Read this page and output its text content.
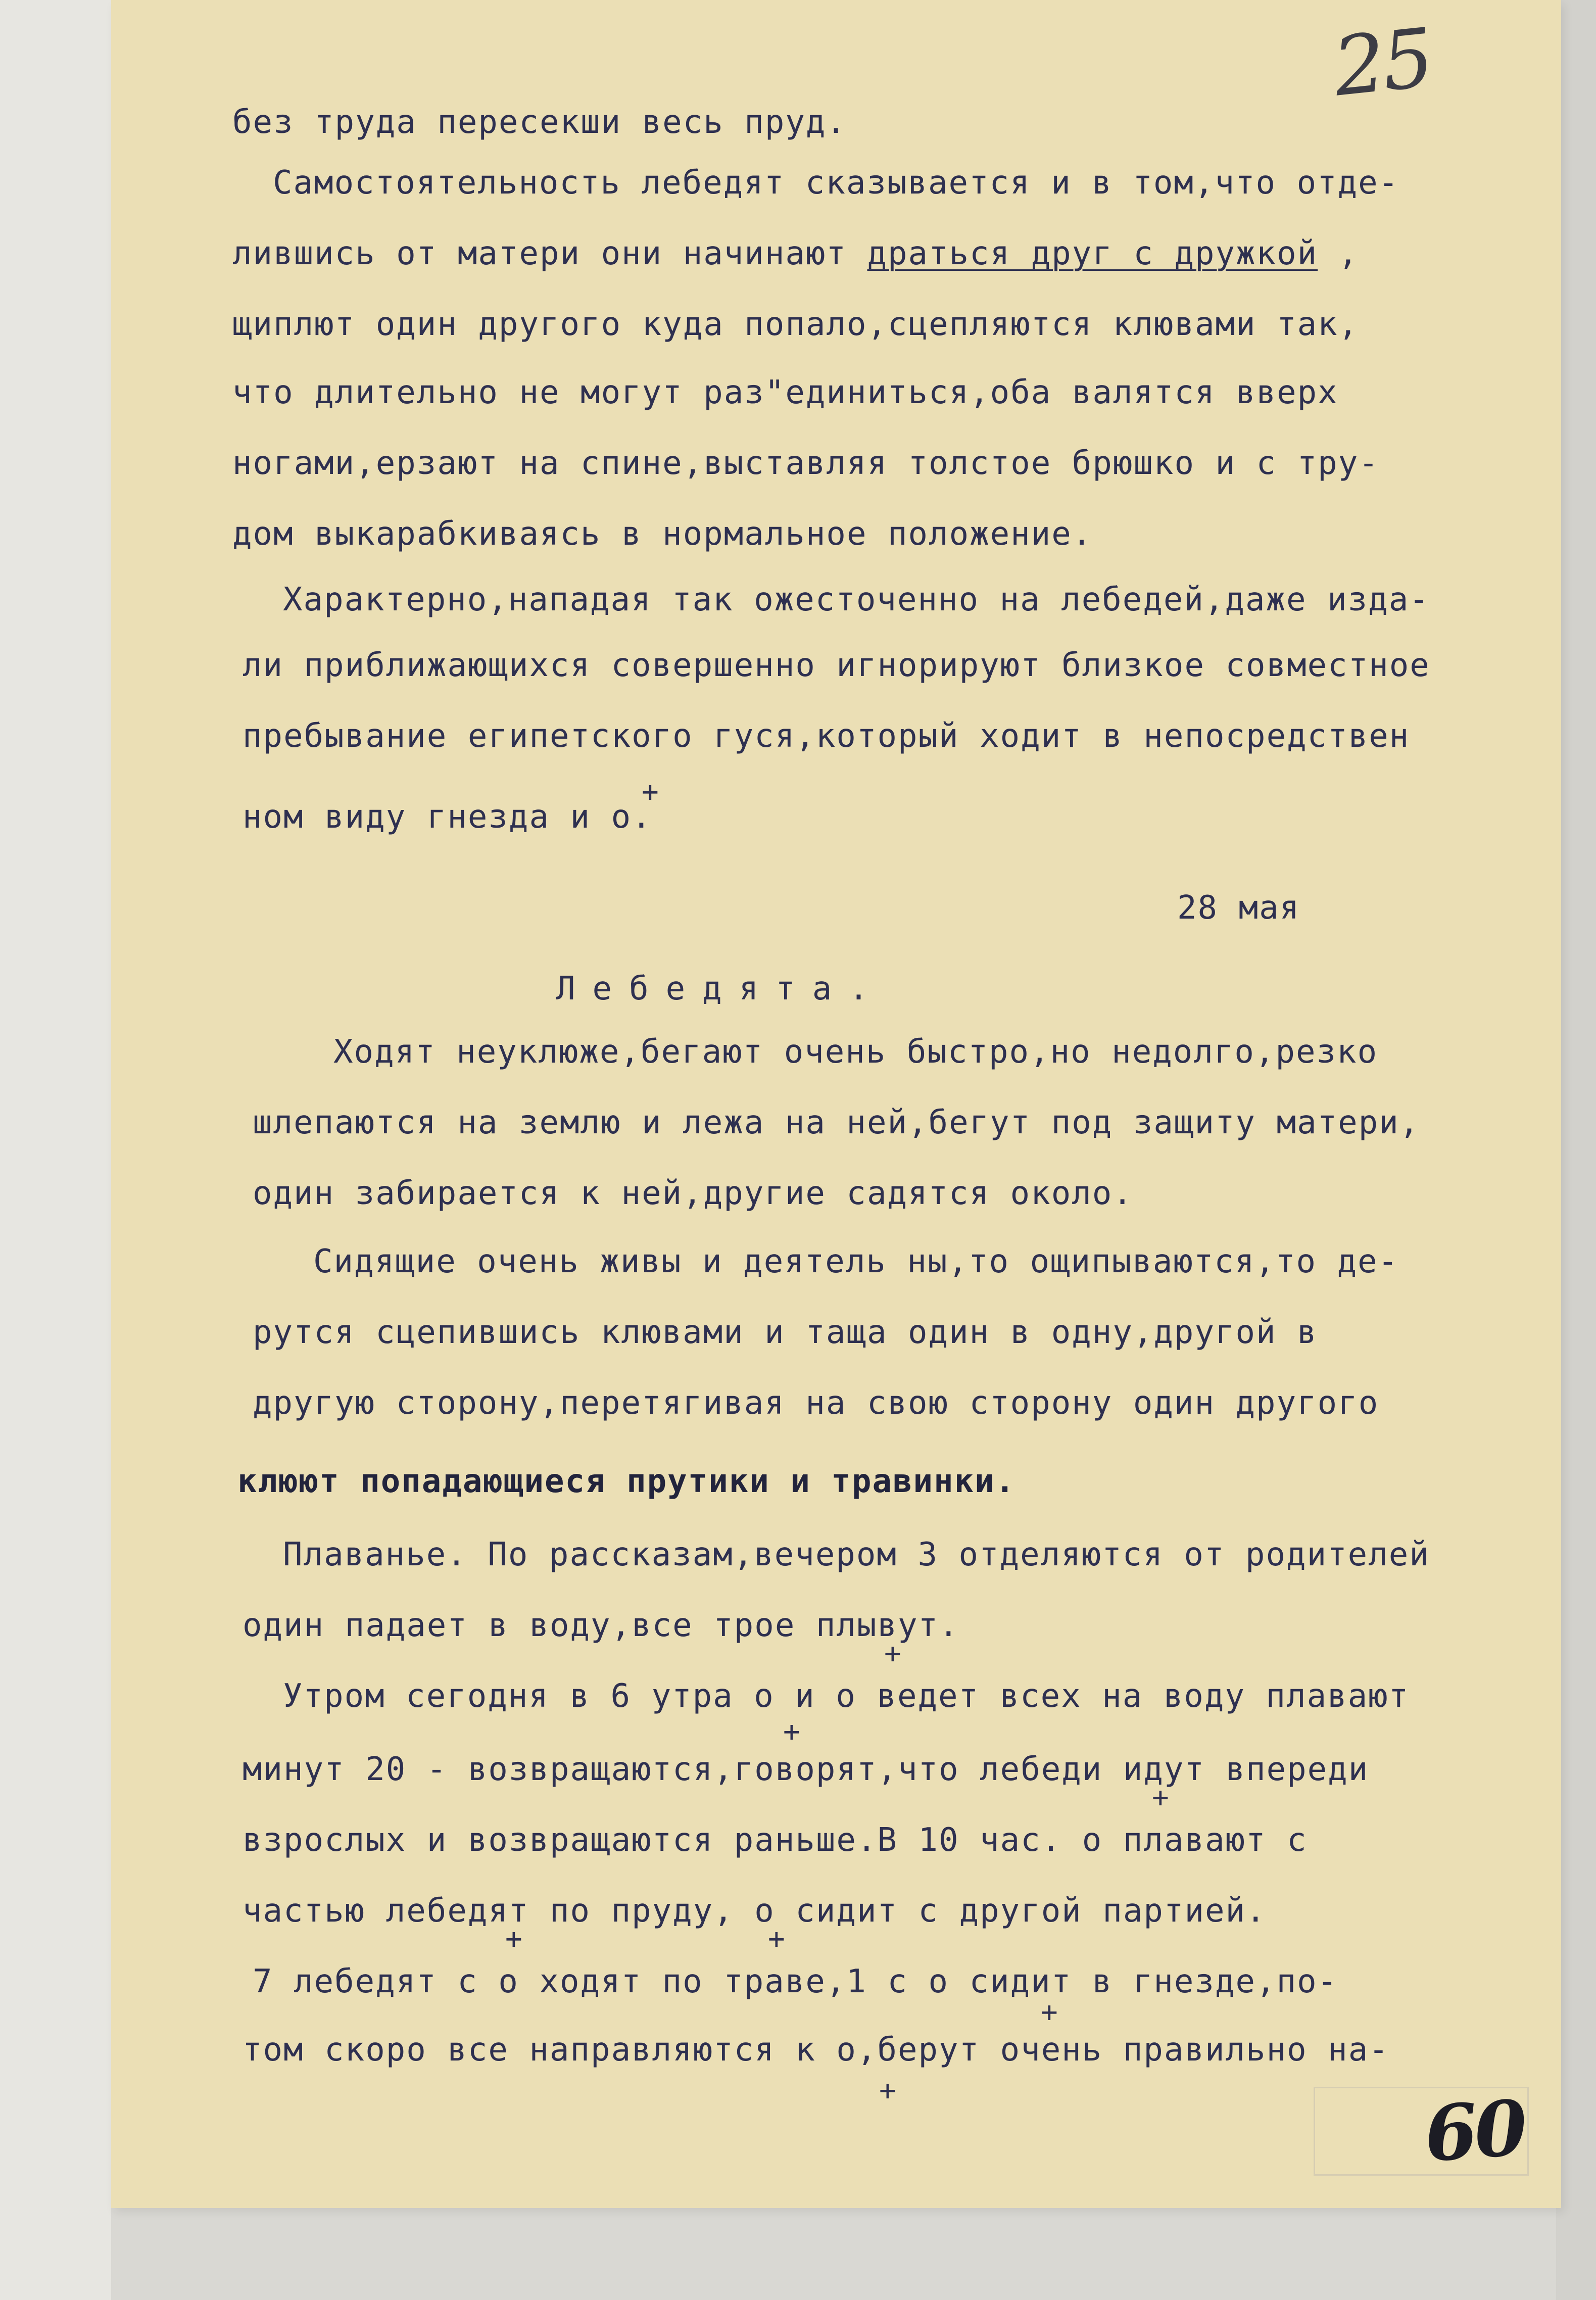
25
60
без труда пересекши весь пруд.
Самостоятельность лебедят сказывается и в том,что отде-
лившись от матери они начинают драться друг с дружкой ,
щиплют один другого куда попало,сцепляются клювами так,
что длительно не могут раз"единиться,оба валятся вверх
ногами,ерзают на спине,выставляя толстое брюшко и с тру-
дом выкарабкиваясь в нормальное положение.
Характерно,нападая так ожесточенно на лебедей,даже изда-
ли приближающихся совершенно игнорируют близкое совместное
пребывание египетского гуся,который ходит в непосредствен
ном виду гнезда и о.
+
28 мая
Лебедята.
Ходят неуклюже,бегают очень быстро,но недолго,резко
шлепаются на землю и лежа на ней,бегут под защиту матери,
один забирается к ней,другие садятся около.
Сидящие очень живы и деятель ны,то ощипываются,то де-
рутся сцепившись клювами и таща один в одну,другой в
другую сторону,перетягивая на свою сторону один другого
клюют попадающиеся прутики и травинки.
Плаванье. По рассказам,вечером 3 отделяются от родителей
один падает в воду,все трое плывут.
+
Утром сегодня в 6 утра о и о ведет всех на воду плавают
+
минут 20 - возвращаются,говорят,что лебеди идут впереди
+
взрослых и возвращаются раньше.В 10 час. о плавают с
частью лебедят по пруду, о сидит с другой партией.
+	+
7 лебедят с о ходят по траве,1 с о сидит в гнезде,по-
+
том скоро все направляются к о,берут очень правильно на-
+
